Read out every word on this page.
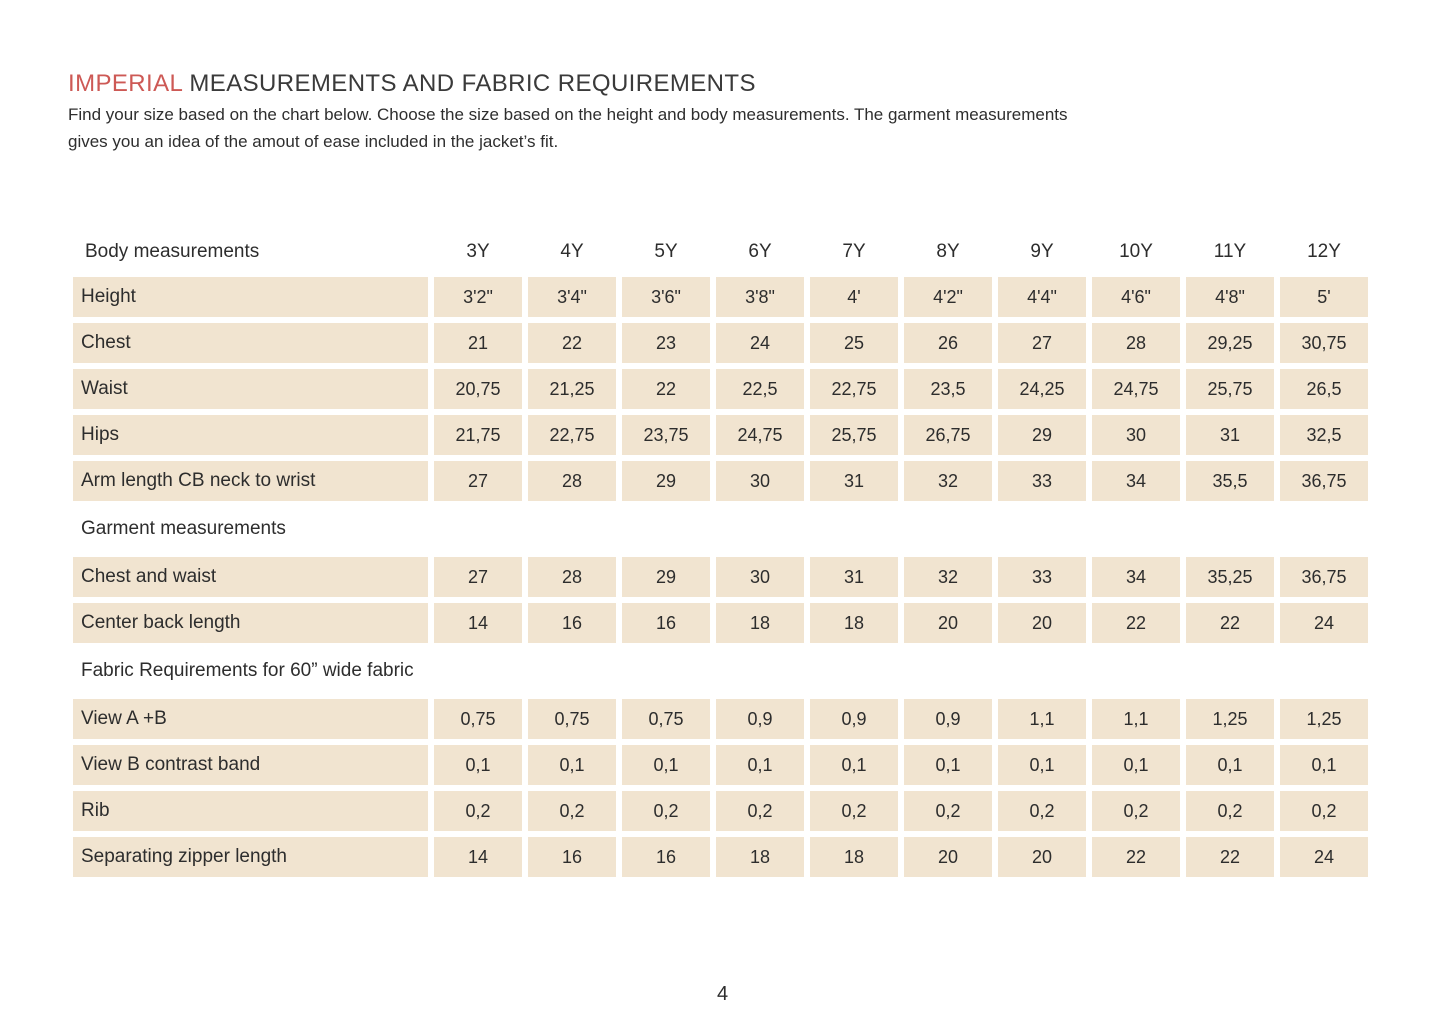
IMPERIAL MEASUREMENTS AND FABRIC REQUIREMENTS

Find your size based on the chart below. Choose the size based on the height and body measurements. The garment measurements
gives you an idea of the amout of ease included in the jacket’s fit.

Body measurements	3Y	4Y	5Y	6Y	7Y	8Y	9Y	10Y	11Y	12Y
Height	3'2"	3'4"	3'6"	3'8"	4'	4'2"	4'4"	4'6"	4'8"	5'
Chest	21	22	23	24	25	26	27	28	29,25	30,75
Waist	20,75	21,25	22	22,5	22,75	23,5	24,25	24,75	25,75	26,5
Hips	21,75	22,75	23,75	24,75	25,75	26,75	29	30	31	32,5
Arm length CB neck to wrist	27	28	29	30	31	32	33	34	35,5	36,75
Garment measurements
Chest and waist	27	28	29	30	31	32	33	34	35,25	36,75
Center back length	14	16	16	18	18	20	20	22	22	24
Fabric Requirements for 60” wide fabric
View A +B	0,75	0,75	0,75	0,9	0,9	0,9	1,1	1,1	1,25	1,25
View B contrast band	0,1	0,1	0,1	0,1	0,1	0,1	0,1	0,1	0,1	0,1
Rib	0,2	0,2	0,2	0,2	0,2	0,2	0,2	0,2	0,2	0,2
Separating zipper length	14	16	16	18	18	20	20	22	22	24
4
